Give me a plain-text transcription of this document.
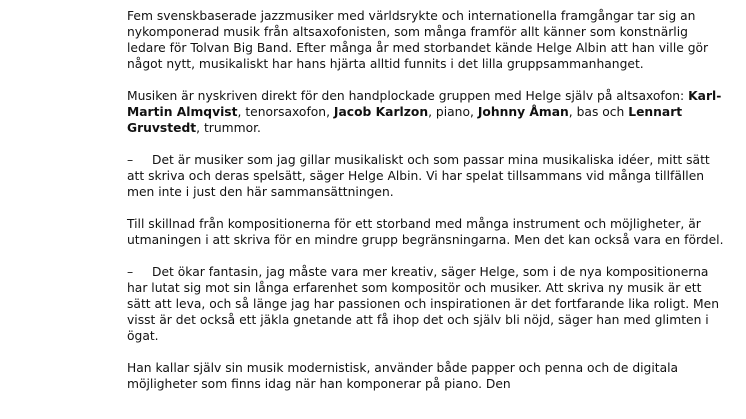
Fem svenskbaserade jazzmusiker med världsrykte och internationella framgångar tar sig an nykomponerad musik från altsaxofonisten, som många framför allt känner som konstnärlig ledare för Tolvan Big Band. Efter många år med storbandet kände Helge Albin att han ville gör något nytt, musikaliskt har hans hjärta alltid funnits i det lilla gruppsammanhanget.

Musiken är nyskriven direkt för den handplockade gruppen med Helge själv på altsaxofon: Karl-Martin Almqvist, tenorsaxofon, Jacob Karlzon, piano, Johnny Åman, bas och Lennart Gruvstedt, trummor.

– Det är musiker som jag gillar musikaliskt och som passar mina musikaliska idéer, mitt sätt att skriva och deras spelsätt, säger Helge Albin. Vi har spelat tillsammans vid många tillfällen men inte i just den här sammansättningen.

Till skillnad från kompositionerna för ett storband med många instrument och möjligheter, är utmaningen i att skriva för en mindre grupp begränsningarna. Men det kan också vara en fördel.

– Det ökar fantasin, jag måste vara mer kreativ, säger Helge, som i de nya kompositionerna har lutat sig mot sin långa erfarenhet som kompositör och musiker. Att skriva ny musik är ett sätt att leva, och så länge jag har passionen och inspirationen är det fortfarande lika roligt. Men visst är det också ett jäkla gnetande att få ihop det och själv bli nöjd, säger han med glimten i ögat.

Han kallar själv sin musik modernistisk, använder både papper och penna och de digitala möjligheter som finns idag när han komponerar på piano. Den
